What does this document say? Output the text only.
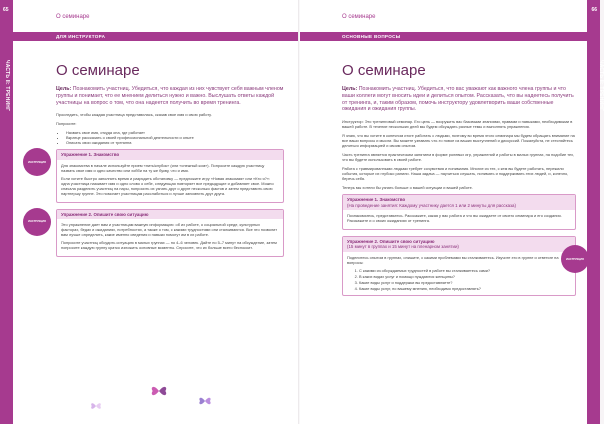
65
ЧАСТЬ II: ТРЕНИНГ
О семинаре
ДЛЯ ИНСТРУКТОРА
О семинаре

Цель: Познакомить участниц. Убедиться, что каждая из них чувствует себя важным членом группы и понимает, что ее мнением делиться нужно и важно. Выслушать ответы каждой участницы на вопрос о том, что она надеется получить во время тренинга.

Проследить, чтобы каждая участница представилась, сказав свое имя и свою работу.

Попросите:

• Назвать свое имя, откуда она, где работает
• Вкратце рассказать о своей профессиональной деятельности и опыте
• Описать свои ожидания от тренинга
ИНСТРУКЦИЯ
Упражнение 1. Знакомство

Для знакомства в начале используйте прием «нить/клубок» (или «снежный ком»). Попросите каждую участницу назвать свое имя и одно качество или хобби на ту же букву, что и имя.

Если хотите быстро заполнить время и разрядить обстановку — предложите игру «Новая знакомая» или «Кто я?»: одна участница называет имя и одно слово о себе, следующая повторяет все предыдущие и добавляет свое. Можно сначала разделить участниц на пары, попросить их узнать друг о друге несколько фактов и затем представить свою партнершу группе. Это помогает участницам расслабиться и лучше запомнить друг друга.

ИНСТРУКЦИЯ
Упражнение 2. Опишите свою ситуацию

Это упражнение дает вам и участницам важную информацию: об их работе, о социальной среде, культурных факторах, бедах и ожиданиях, потребностях, а также о том, с какими трудностями они сталкиваются. Все это позволит вам лучше определить, какие именно сведения и навыки помогут им в их работе.

Попросите участниц обсудить ситуацию в малых группах — по 4–6 человек. Дайте по 5–7 минут на обсуждение, затем попросите каждую группу кратко изложить основные моменты. Спросите, что их больше всего беспокоит.

66
ЧАСТЬ II: ТРЕНИНГ
О семинаре
ОСНОВНЫЕ ВОПРОСЫ
О семинаре

Цель: Познакомить участниц. Убедиться, что вас уважают как важного члена группы и что ваши коллеги могут вносить идеи и делиться опытом. Рассказать, что вы надеетесь получить от тренинга, и, таким образом, помочь инструктору удовлетворить ваши собственные ожидания и ожидания группы.

Инструктор: Это тренинговый семинар. Его цель — вооружить вас базовыми знаниями, правами и навыками, необходимыми в вашей работе. В течение нескольких дней мы будем обсуждать разные темы и выполнять упражнения.

Я знаю, что вы хотите в конечном итоге работать с людьми, поэтому во время этого семинара мы будем обращать внимание на все ваши вопросы и мысли. Вы можете узнавать что-то новое из ваших выступлений и дискуссий. Пожалуйста, не стесняйтесь делиться информацией и своим опытом.

Часть тренинга является практическим занятием в форме ролевых игр, упражнений и работы в малых группах, на подобие тех, что вы будете использовать в своей работе.

Работа с травмированными людьми требует сочувствия и понимания. Многие из тех, с кем вы будете работать, пережили события, которые их глубоко ранили. Наша задача — научиться слушать, понимать и поддерживать этих людей, и, конечно, беречь себя.

Теперь мы хотели бы узнать больше о вашей ситуации и вашей работе.

Упражнение 1. Знакомство
(На проведение занятия: Каждому участнику дается 1 или 2 минуты для рассказа)

Познакомьтесь, представьтесь. Расскажите, какая у вас работа и что вы ожидаете от своего семинара и его создания. Расскажите и о своих ожиданиях от тренинга.

ИНСТРУКЦИЯ
Упражнение 2. Опишите свою ситуацию
(15 минут в группах и 15 минут на пленарном занятии)

Поделитесь опытом в группах, опишите, с какими проблемами вы сталкиваетесь. Изучите это в группе и ответьте на вопросы:

1. С какими из обсуждаемых трудностей в работе вы сталкиваетесь сами?
2. В каких видах услуг и помощи нуждаются женщины?
3. Какие виды услуг и поддержки вы предоставляете?
4. Какие виды услуг, по вашему мнению, необходимо предоставлять?
